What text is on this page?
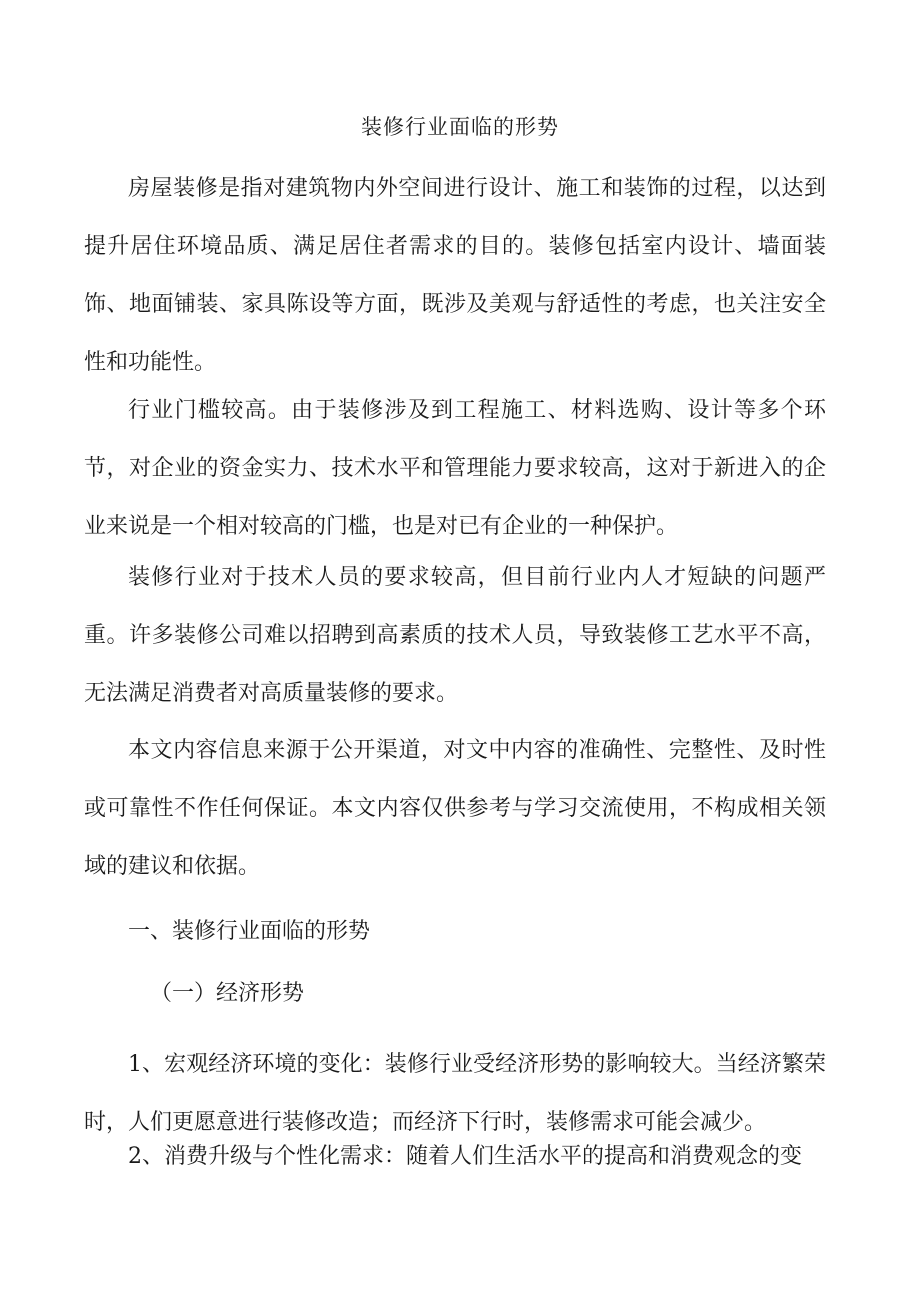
装修行业面临的形势

房屋装修是指对建筑物内外空间进行设计、施工和装饰的过程，以达到提升居住环境品质、满足居住者需求的目的。装修包括室内设计、墙面装饰、地面铺装、家具陈设等方面，既涉及美观与舒适性的考虑，也关注安全性和功能性。

行业门槛较高。由于装修涉及到工程施工、材料选购、设计等多个环节，对企业的资金实力、技术水平和管理能力要求较高，这对于新进入的企业来说是一个相对较高的门槛，也是对已有企业的一种保护。

装修行业对于技术人员的要求较高，但目前行业内人才短缺的问题严重。许多装修公司难以招聘到高素质的技术人员，导致装修工艺水平不高，无法满足消费者对高质量装修的要求。

本文内容信息来源于公开渠道，对文中内容的准确性、完整性、及时性或可靠性不作任何保证。本文内容仅供参考与学习交流使用，不构成相关领域的建议和依据。

一、装修行业面临的形势
（一）经济形势

1、宏观经济环境的变化：装修行业受经济形势的影响较大。当经济繁荣时，人们更愿意进行装修改造；而经济下行时，装修需求可能会减少。

2、消费升级与个性化需求：随着人们生活水平的提高和消费观念的变
